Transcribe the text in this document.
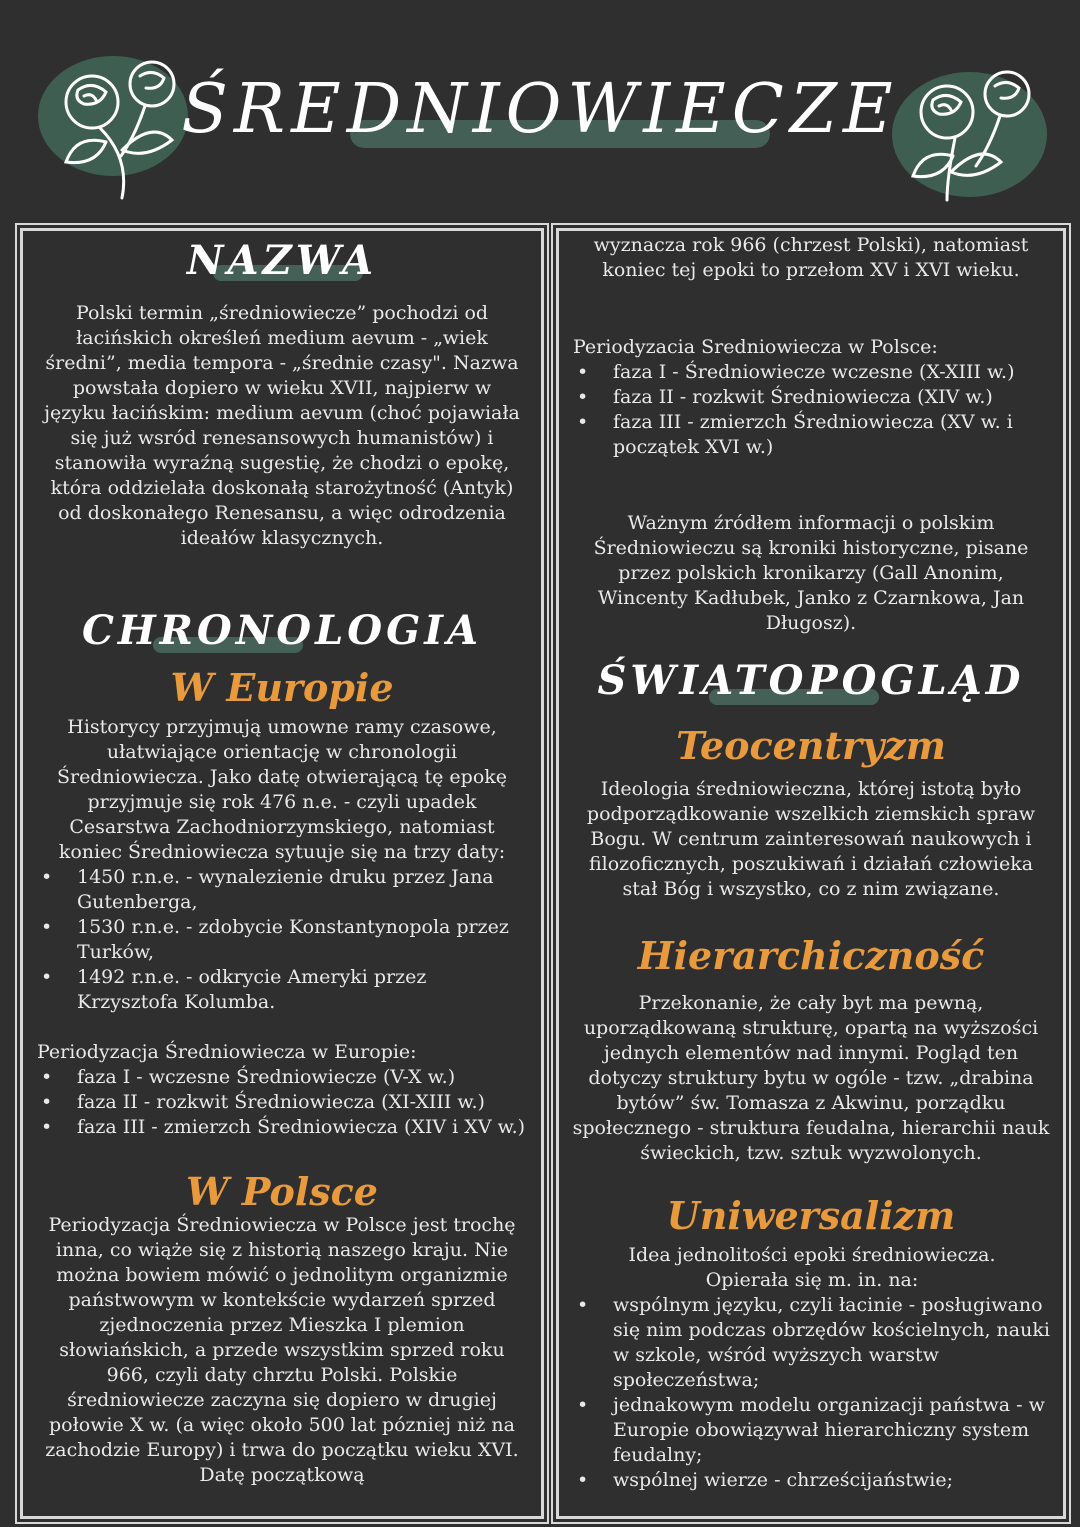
ŚREDNIOWIECZE
NAZWA

Polski termin „średniowiecze” pochodzi od łacińskich określeń medium aevum - „wiek średni”, media tempora - „średnie czasy". Nazwa powstała dopiero w wieku XVII, najpierw w języku łacińskim: medium aevum (choć pojawiała się już wsród renesansowych humanistów) i stanowiła wyraźną sugestię, że chodzi o epokę, która oddzielała doskonałą starożytność (Antyk) od doskonałego Renesansu, a więc odrodzenia ideałów klasycznych.

CHRONOLOGIA
W Europie

Historycy przyjmują umowne ramy czasowe, ułatwiające orientację w chronologii Średniowiecza. Jako datę otwierającą tę epokę przyjmuje się rok 476 n.e. - czyli upadek Cesarstwa Zachodniorzymskiego, natomiast koniec Średniowiecza sytuuje się na trzy daty:

• 1450 r.n.e. - wynalezienie druku przez Jana Gutenberga,
• 1530 r.n.e. - zdobycie Konstantynopola przez Turków,
• 1492 r.n.e. - odkrycie Ameryki przez Krzysztofa Kolumba.

Periodyzacja Średniowiecza w Europie:

• faza I - wczesne Średniowiecze (V-X w.)
• faza II - rozkwit Średniowiecza (XI-XIII w.)
• faza III - zmierzch Średniowiecza (XIV i XV w.)
W Polsce

Periodyzacja Średniowiecza w Polsce jest trochę inna, co wiąże się z historią naszego kraju. Nie można bowiem mówić o jednolitym organizmie państwowym w kontekście wydarzeń sprzed zjednoczenia przez Mieszka I plemion słowiańskich, a przede wszystkim sprzed roku 966, czyli daty chrztu Polski. Polskie średniowiecze zaczyna się dopiero w drugiej połowie X w. (a więc około 500 lat pózniej niż na zachodzie Europy) i trwa do początku wieku XVI. Datę początkową

wyznacza rok 966 (chrzest Polski), natomiast koniec tej epoki to przełom XV i XVI wieku.

Periodyzacia Sredniowiecza w Polsce:

• faza I - Średniowiecze wczesne (X-XIII w.)
• faza II - rozkwit Średniowiecza (XIV w.)
• faza III - zmierzch Średniowiecza (XV w. i początek XVI w.)

Ważnym źródłem informacji o polskim Średniowieczu są kroniki historyczne, pisane przez polskich kronikarzy (Gall Anonim, Wincenty Kadłubek, Janko z Czarnkowa, Jan Długosz).

ŚWIATOPOGLĄD
Teocentryzm

Ideologia średniowieczna, której istotą było podporządkowanie wszelkich ziemskich spraw Bogu. W centrum zainteresowań naukowych i filozoficznych, poszukiwań i działań człowieka stał Bóg i wszystko, co z nim związane.

Hierarchiczność

Przekonanie, że cały byt ma pewną, uporządkowaną strukturę, opartą na wyższości jednych elementów nad innymi. Pogląd ten dotyczy struktury bytu w ogóle - tzw. „drabina bytów” św. Tomasza z Akwinu, porządku społecznego - struktura feudalna, hierarchii nauk świeckich, tzw. sztuk wyzwolonych.

Uniwersalizm

Idea jednolitości epoki średniowiecza. Opierała się m. in. na:

• wspólnym języku, czyli łacinie - posługiwano się nim podczas obrzędów kościelnych, nauki w szkole, wśród wyższych warstw społeczeństwa;
• jednakowym modelu organizacji państwa - w Europie obowiązywał hierarchiczny system feudalny;
• wspólnej wierze - chrześcijaństwie;
